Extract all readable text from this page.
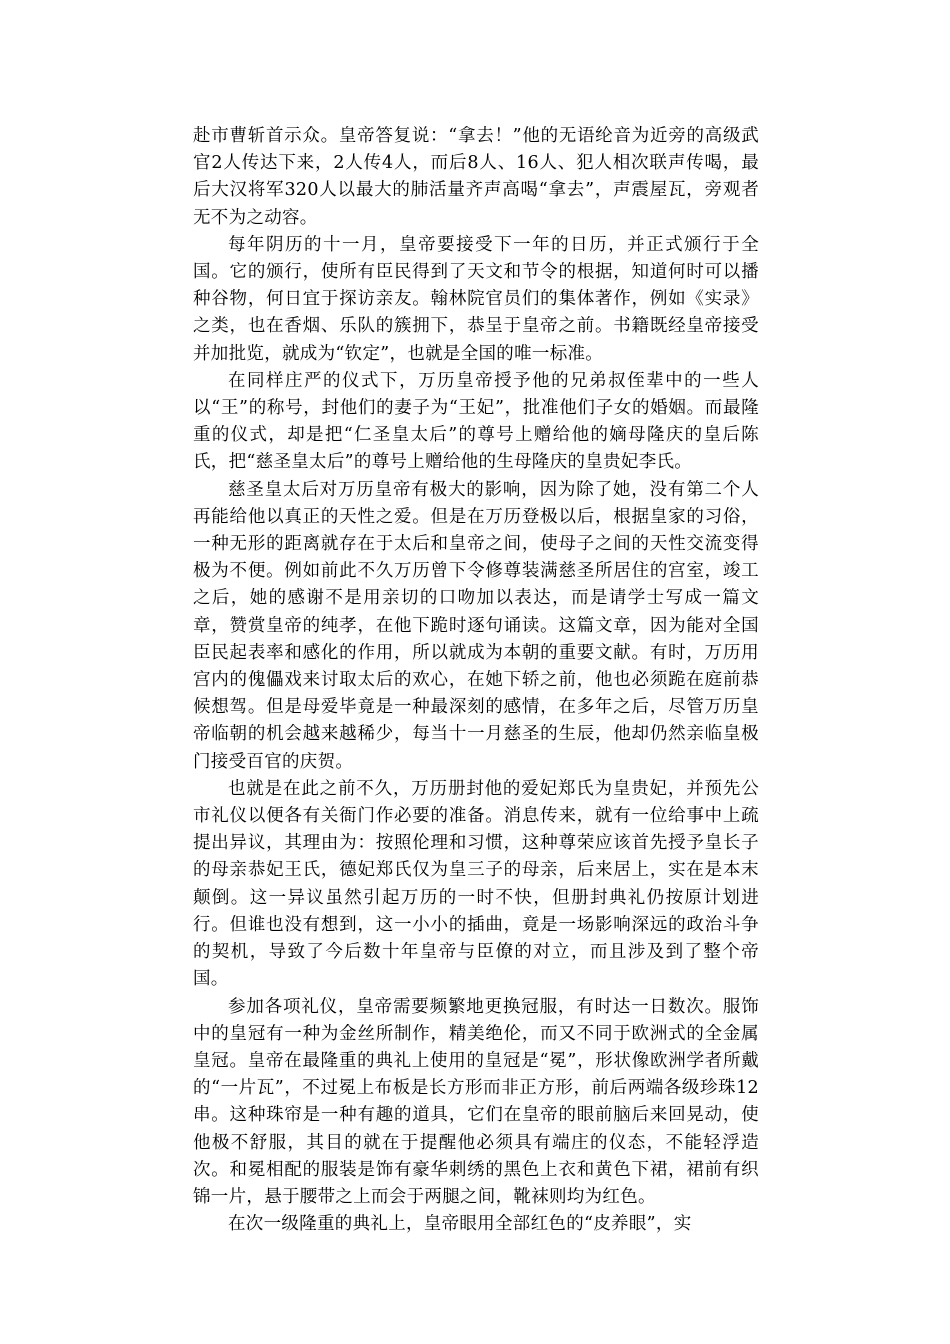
赴市曹斩首示众。皇帝答复说：“拿去！”他的无语纶音为近旁的高级武官2人传达下来，2人传4人，而后8人、16人、犯人相次联声传喝，最后大汉将军320人以最大的肺活量齐声高喝“拿去”，声震屋瓦，旁观者无不为之动容。

每年阴历的十一月，皇帝要接受下一年的日历，并正式颁行于全国。它的颁行，使所有臣民得到了天文和节令的根据，知道何时可以播种谷物，何日宜于探访亲友。翰林院官员们的集体著作，例如《实录》之类，也在香烟、乐队的簇拥下，恭呈于皇帝之前。书籍既经皇帝接受并加批览，就成为“钦定”，也就是全国的唯一标准。

在同样庄严的仪式下，万历皇帝授予他的兄弟叔侄辈中的一些人以“王”的称号，封他们的妻子为“王妃”，批准他们子女的婚姻。而最隆重的仪式，却是把“仁圣皇太后”的尊号上赠给他的嫡母隆庆的皇后陈氏，把“慈圣皇太后”的尊号上赠给他的生母隆庆的皇贵妃李氏。

慈圣皇太后对万历皇帝有极大的影响，因为除了她，没有第二个人再能给他以真正的天性之爱。但是在万历登极以后，根据皇家的习俗，一种无形的距离就存在于太后和皇帝之间，使母子之间的天性交流变得极为不便。例如前此不久万历曾下令修尊装满慈圣所居住的宫室，竣工之后，她的感谢不是用亲切的口吻加以表达，而是请学士写成一篇文章，赞赏皇帝的纯孝，在他下跪时逐句诵读。这篇文章，因为能对全国臣民起表率和感化的作用，所以就成为本朝的重要文献。有时，万历用宫内的傀儡戏来讨取太后的欢心，在她下轿之前，他也必须跪在庭前恭候想驾。但是母爱毕竟是一种最深刻的感情，在多年之后，尽管万历皇帝临朝的机会越来越稀少，每当十一月慈圣的生辰，他却仍然亲临皇极门接受百官的庆贺。

也就是在此之前不久，万历册封他的爱妃郑氏为皇贵妃，并预先公市礼仪以便各有关衙门作必要的准备。消息传来，就有一位给事中上疏提出异议，其理由为：按照伦理和习惯，这种尊荣应该首先授予皇长子的母亲恭妃王氏，德妃郑氏仅为皇三子的母亲，后来居上，实在是本末颠倒。这一异议虽然引起万历的一时不快，但册封典礼仍按原计划进行。但谁也没有想到，这一小小的插曲，竟是一场影响深远的政治斗争的契机，导致了今后数十年皇帝与臣僚的对立，而且涉及到了整个帝国。

参加各项礼仪，皇帝需要频繁地更换冠服，有时达一日数次。服饰中的皇冠有一种为金丝所制作，精美绝伦，而又不同于欧洲式的全金属皇冠。皇帝在最隆重的典礼上使用的皇冠是“冕”，形状像欧洲学者所戴的“一片瓦”，不过冕上布板是长方形而非正方形，前后两端各级珍珠12串。这种珠帘是一种有趣的道具，它们在皇帝的眼前脑后来回晃动，使他极不舒服，其目的就在于提醒他必须具有端庄的仪态，不能轻浮造次。和冕相配的服装是饰有豪华刺绣的黑色上衣和黄色下裙，裙前有织锦一片，悬于腰带之上而会于两腿之间，靴袜则均为红色。

在次一级隆重的典礼上，皇帝眼用全部红色的“皮养眼”，实
